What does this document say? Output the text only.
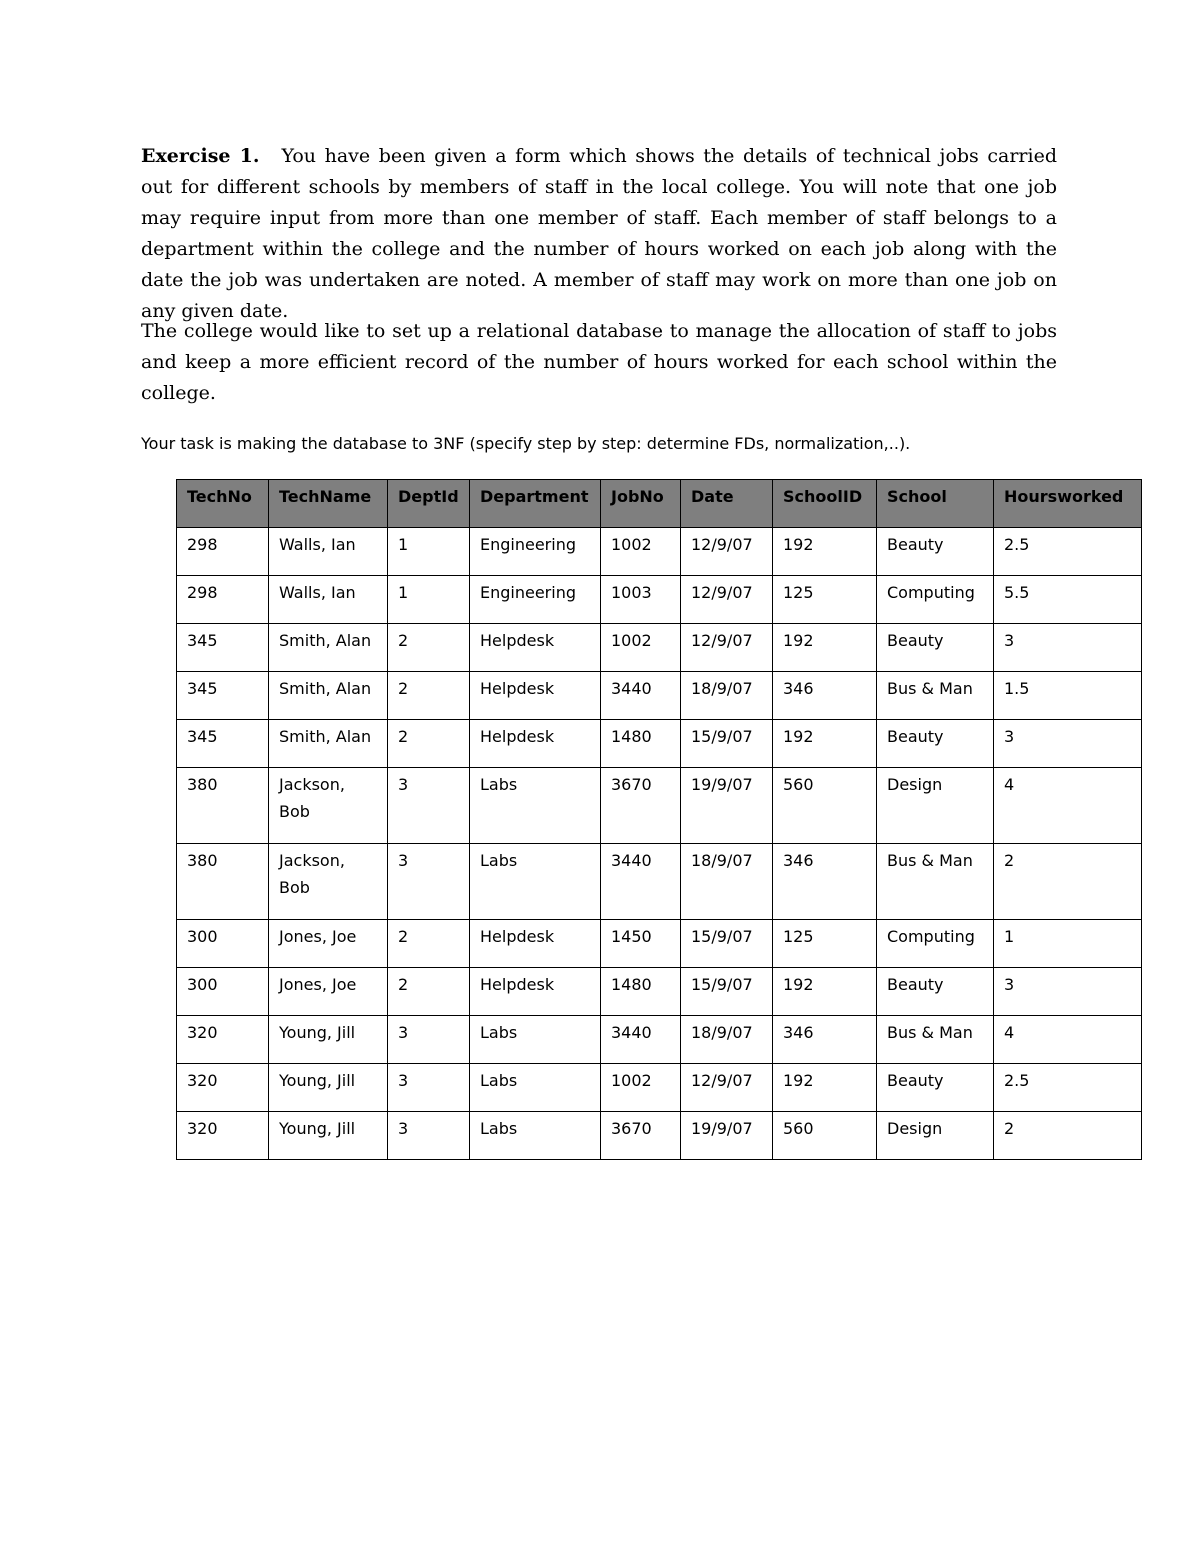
Exercise 1. You have been given a form which shows the details of technical jobs carried out for different schools by members of staff in the local college. You will note that one job may require input from more than one member of staff. Each member of staff belongs to a department within the college and the number of hours worked on each job along with the date the job was undertaken are noted. A member of staff may work on more than one job on any given date.

The college would like to set up a relational database to manage the allocation of staff to jobs and keep a more efficient record of the number of hours worked for each school within the college.

Your task is making the database to 3NF (specify step by step: determine FDs, normalization,..).

TechNo	TechName	DeptId	Department	JobNo	Date	SchoolID	School	Hoursworked
298	Walls, Ian	1	Engineering	1002	12/9/07	192	Beauty	2.5
298	Walls, Ian	1	Engineering	1003	12/9/07	125	Computing	5.5
345	Smith, Alan	2	Helpdesk	1002	12/9/07	192	Beauty	3
345	Smith, Alan	2	Helpdesk	3440	18/9/07	346	Bus & Man	1.5
345	Smith, Alan	2	Helpdesk	1480	15/9/07	192	Beauty	3
380	Jackson, Bob	3	Labs	3670	19/9/07	560	Design	4
380	Jackson, Bob	3	Labs	3440	18/9/07	346	Bus & Man	2
300	Jones, Joe	2	Helpdesk	1450	15/9/07	125	Computing	1
300	Jones, Joe	2	Helpdesk	1480	15/9/07	192	Beauty	3
320	Young, Jill	3	Labs	3440	18/9/07	346	Bus & Man	4
320	Young, Jill	3	Labs	1002	12/9/07	192	Beauty	2.5
320	Young, Jill	3	Labs	3670	19/9/07	560	Design	2
